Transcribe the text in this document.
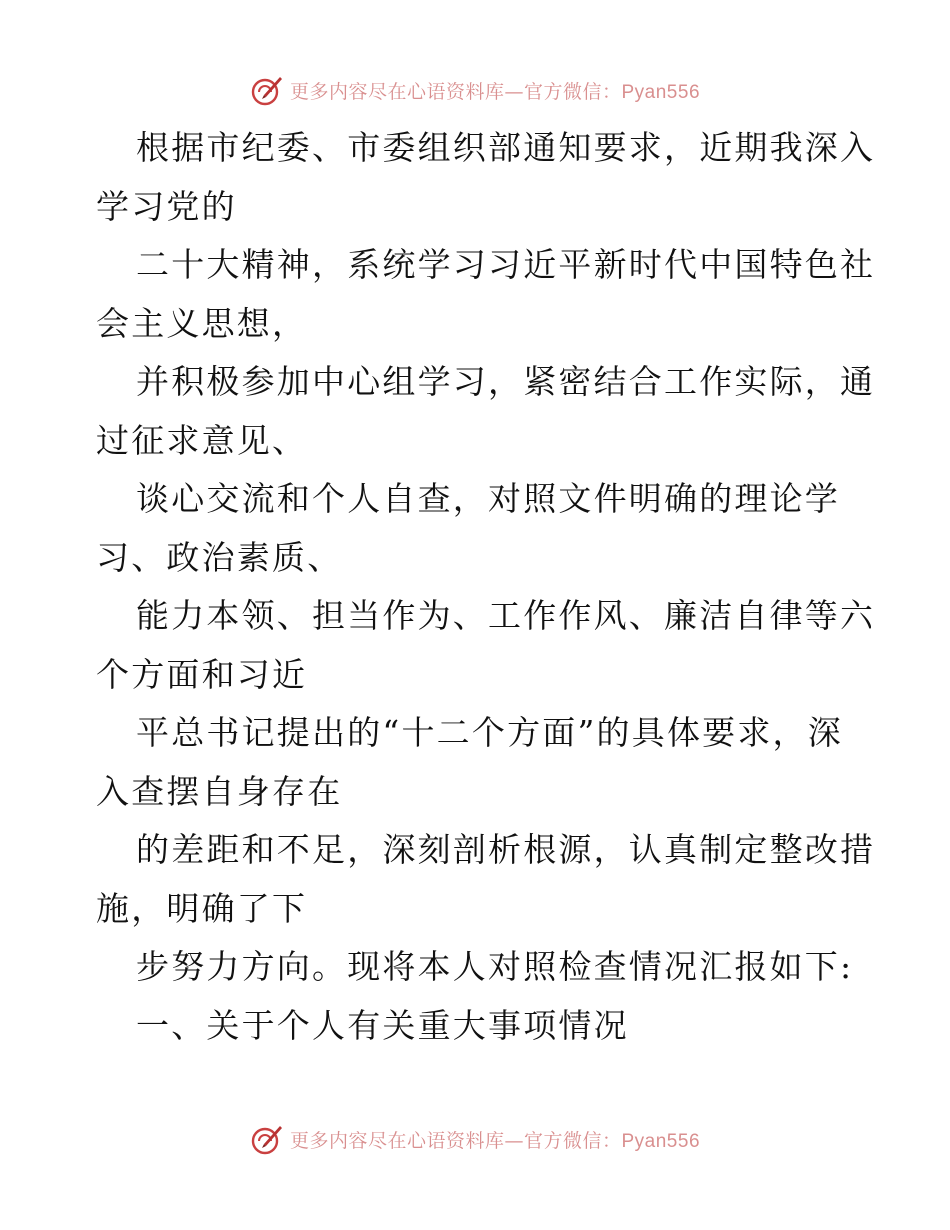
更多内容尽在心语资料库—官方微信：Pyan556
根据市纪委、市委组织部通知要求，近期我深入
学习党的
二十大精神，系统学习习近平新时代中国特色社
会主义思想，
并积极参加中心组学习，紧密结合工作实际，通
过征求意见、
谈心交流和个人自查，对照文件明确的理论学
习、政治素质、
能力本领、担当作为、工作作风、廉洁自律等六
个方面和习近
平总书记提出的“十二个方面”的具体要求，深
入查摆自身存在
的差距和不足，深刻剖析根源，认真制定整改措
施，明确了下
步努力方向。现将本人对照检查情况汇报如下:
一、关于个人有关重大事项情况
更多内容尽在心语资料库—官方微信：Pyan556
